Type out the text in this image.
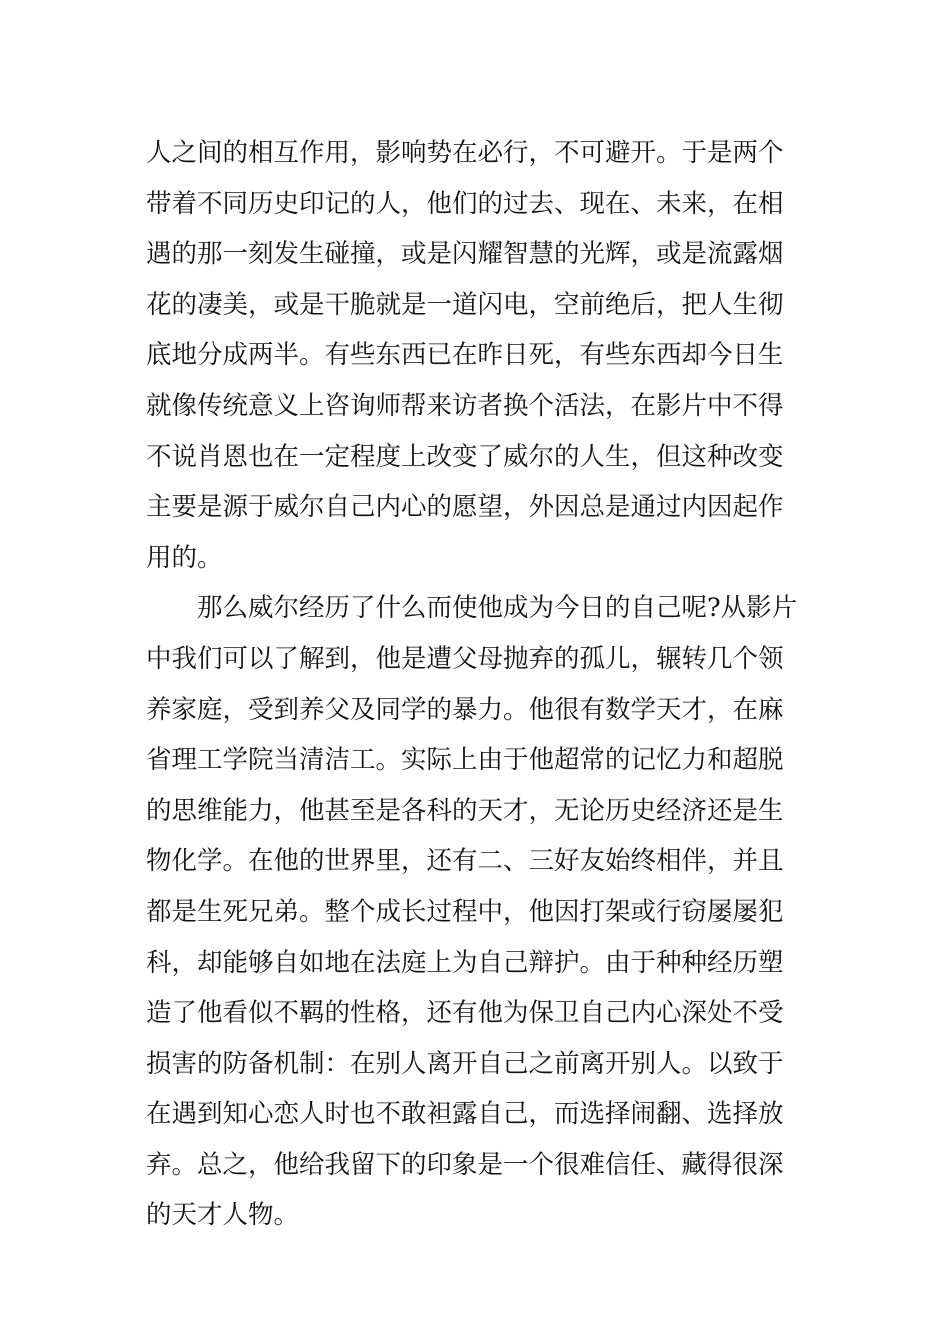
人之间的相互作用，影响势在必行，不可避开。于是两个
带着不同历史印记的人，他们的过去、现在、未来，在相
遇的那一刻发生碰撞，或是闪耀智慧的光辉，或是流露烟
花的凄美，或是干脆就是一道闪电，空前绝后，把人生彻
底地分成两半。有些东西已在昨日死，有些东西却今日生
就像传统意义上咨询师帮来访者换个活法，在影片中不得
不说肖恩也在一定程度上改变了威尔的人生，但这种改变
主要是源于威尔自己内心的愿望，外因总是通过内因起作
用的。
那么威尔经历了什么而使他成为今日的自己呢?从影片
中我们可以了解到，他是遭父母抛弃的孤儿，辗转几个领
养家庭，受到养父及同学的暴力。他很有数学天才，在麻
省理工学院当清洁工。实际上由于他超常的记忆力和超脱
的思维能力，他甚至是各科的天才，无论历史经济还是生
物化学。在他的世界里，还有二、三好友始终相伴，并且
都是生死兄弟。整个成长过程中，他因打架或行窃屡屡犯
科，却能够自如地在法庭上为自己辩护。由于种种经历塑
造了他看似不羁的性格，还有他为保卫自己内心深处不受
损害的防备机制：在别人离开自己之前离开别人。以致于
在遇到知心恋人时也不敢袒露自己，而选择闹翻、选择放
弃。总之，他给我留下的印象是一个很难信任、藏得很深
的天才人物。
